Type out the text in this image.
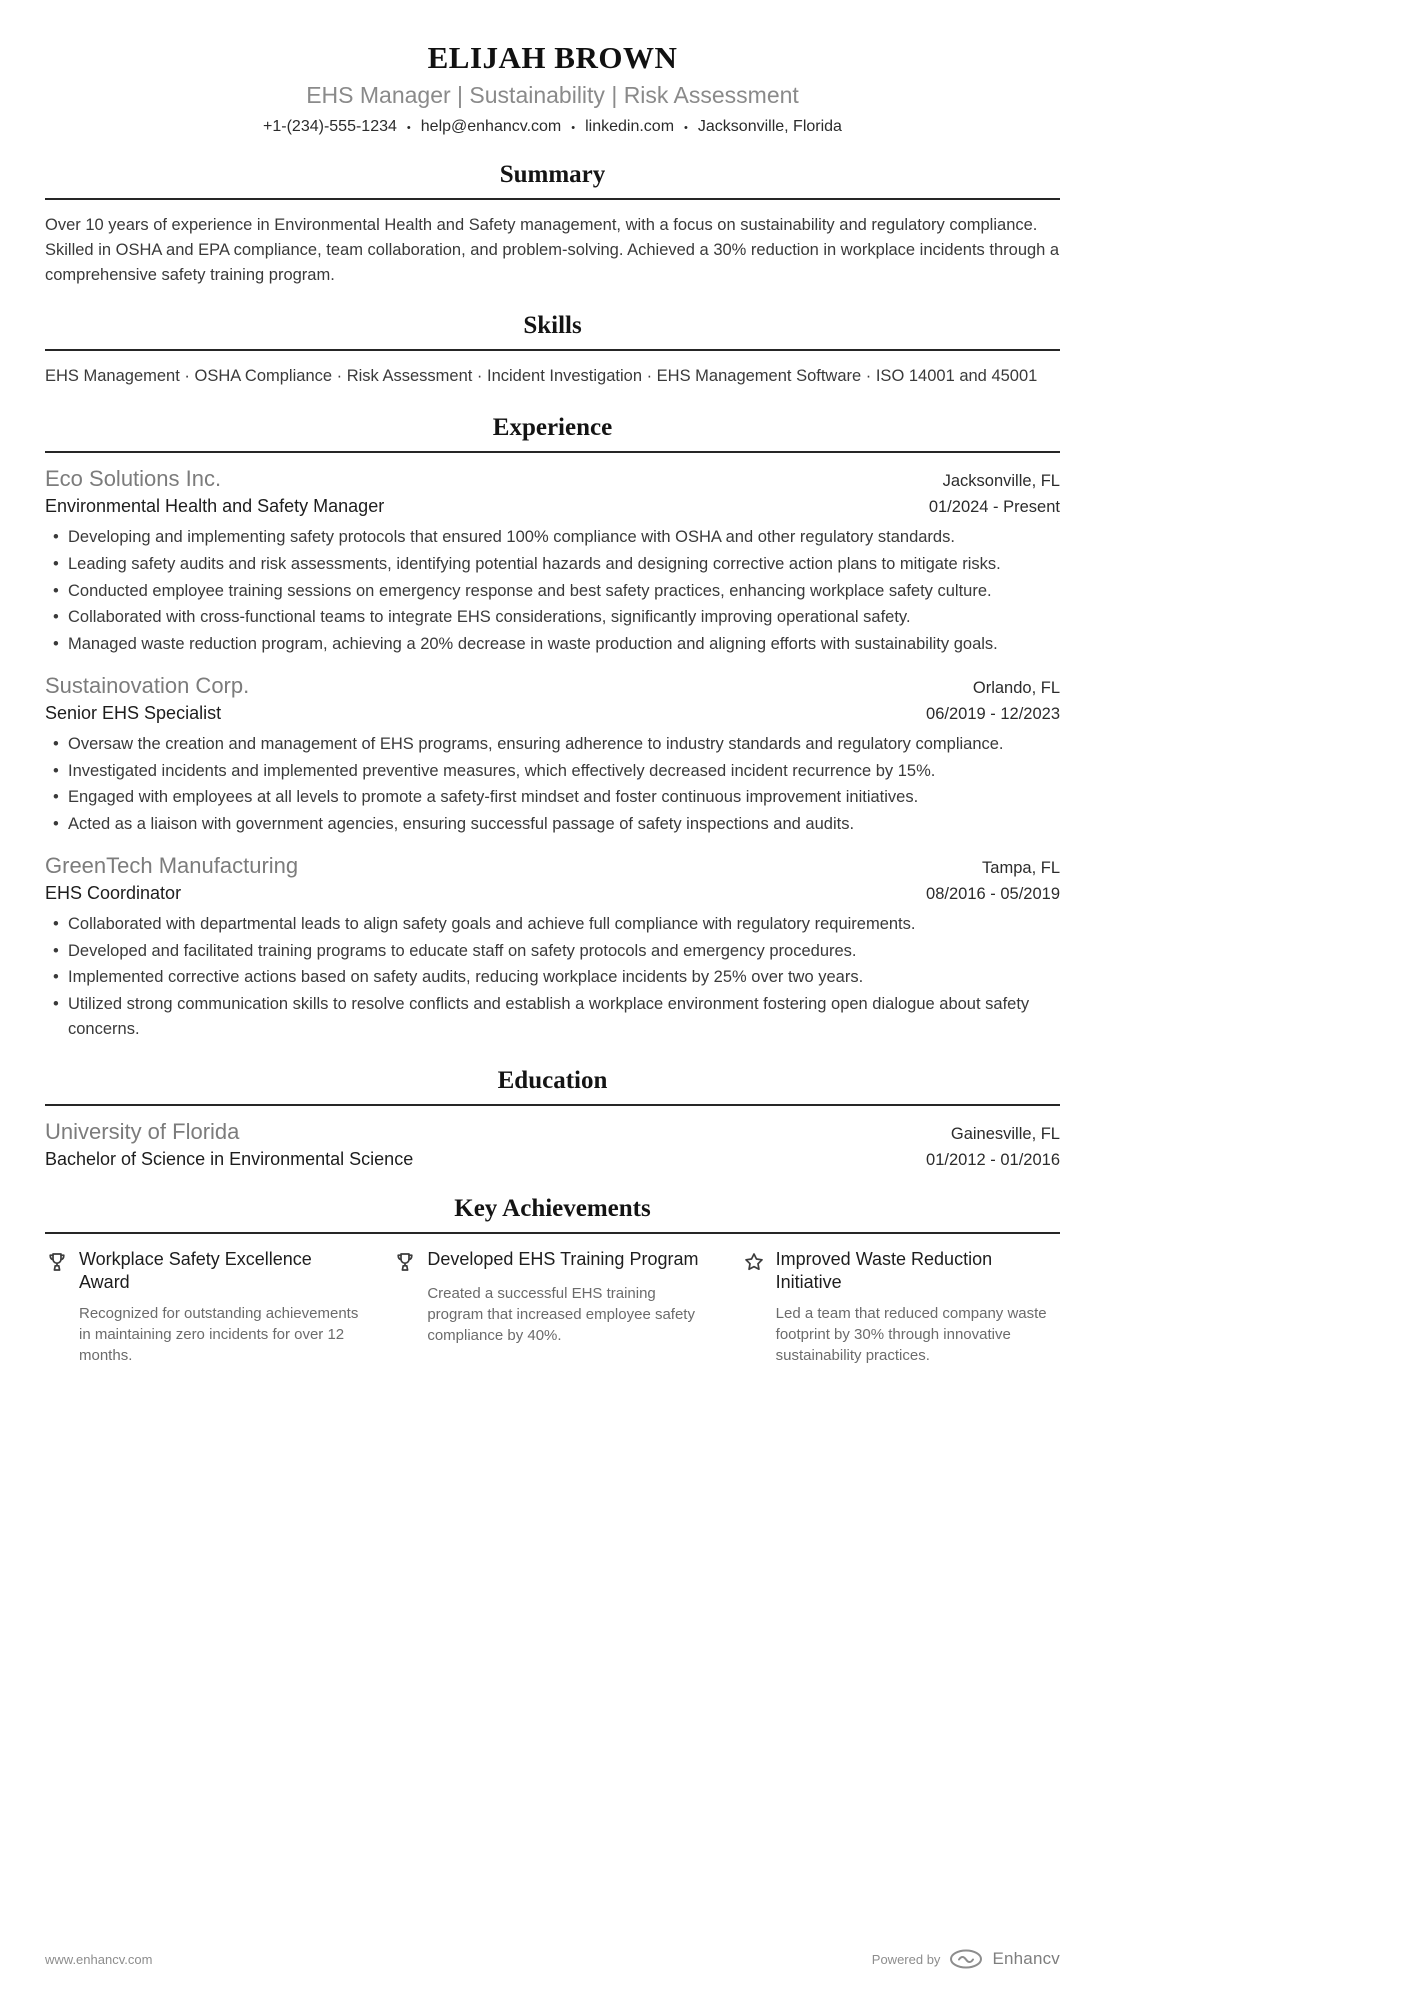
ELIJAH BROWN
EHS Manager | Sustainability | Risk Assessment
+1-(234)-555-1234 • help@enhancv.com • linkedin.com • Jacksonville, Florida
Summary

Over 10 years of experience in Environmental Health and Safety management, with a focus on sustainability and regulatory compliance. Skilled in OSHA and EPA compliance, team collaboration, and problem-solving. Achieved a 30% reduction in workplace incidents through a comprehensive safety training program.

Skills

EHS Management · OSHA Compliance · Risk Assessment · Incident Investigation · EHS Management Software · ISO 14001 and 45001

Experience
Eco Solutions Inc.	Jacksonville, FL
Environmental Health and Safety Manager	01/2024 - Present
• Developing and implementing safety protocols that ensured 100% compliance with OSHA and other regulatory standards.
• Leading safety audits and risk assessments, identifying potential hazards and designing corrective action plans to mitigate risks.
• Conducted employee training sessions on emergency response and best safety practices, enhancing workplace safety culture.
• Collaborated with cross-functional teams to integrate EHS considerations, significantly improving operational safety.
• Managed waste reduction program, achieving a 20% decrease in waste production and aligning efforts with sustainability goals.
Sustainovation Corp.	Orlando, FL
Senior EHS Specialist	06/2019 - 12/2023
• Oversaw the creation and management of EHS programs, ensuring adherence to industry standards and regulatory compliance.
• Investigated incidents and implemented preventive measures, which effectively decreased incident recurrence by 15%.
• Engaged with employees at all levels to promote a safety-first mindset and foster continuous improvement initiatives.
• Acted as a liaison with government agencies, ensuring successful passage of safety inspections and audits.
GreenTech Manufacturing	Tampa, FL
EHS Coordinator	08/2016 - 05/2019
• Collaborated with departmental leads to align safety goals and achieve full compliance with regulatory requirements.
• Developed and facilitated training programs to educate staff on safety protocols and emergency procedures.
• Implemented corrective actions based on safety audits, reducing workplace incidents by 25% over two years.
• Utilized strong communication skills to resolve conflicts and establish a workplace environment fostering open dialogue about safety concerns.
Education
University of Florida	Gainesville, FL
Bachelor of Science in Environmental Science	01/2012 - 01/2016
Key Achievements
Workplace Safety Excellence Award
Recognized for outstanding achievements in maintaining zero incidents for over 12 months.
Developed EHS Training Program
Created a successful EHS training program that increased employee safety compliance by 40%.
Improved Waste Reduction Initiative
Led a team that reduced company waste footprint by 30% through innovative sustainability practices.
www.enhancv.com	Powered by	Enhancv
